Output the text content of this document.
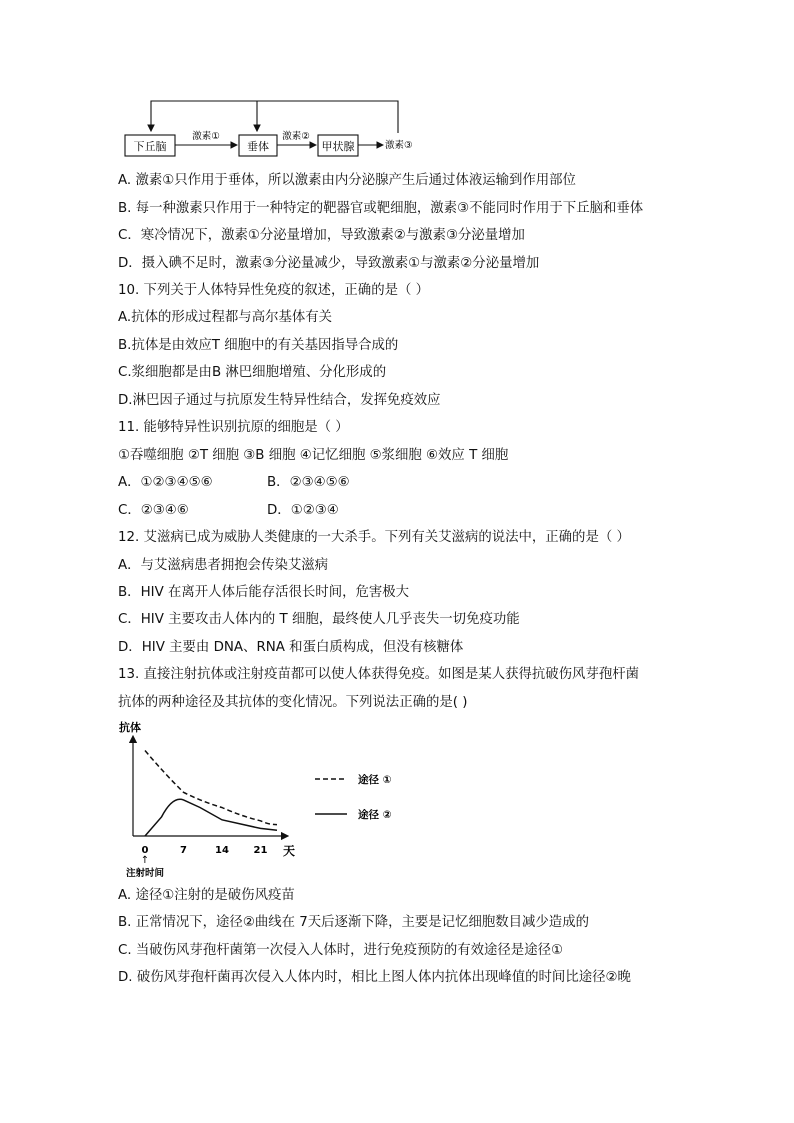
下丘脑	垂体	甲状腺
激素①	激素②
激素③
A. 激素①只作用于垂体，所以激素由内分泌腺产生后通过体液运输到作用部位
B. 每一种激素只作用于一种特定的靶器官或靶细胞，激素③不能同时作用于下丘脑和垂体
C．寒冷情况下，激素①分泌量增加，导致激素②与激素③分泌量增加
D．摄入碘不足时，激素③分泌量减少，导致激素①与激素②分泌量增加
10. 下列关于人体特异性免疫的叙述，正确的是（ ）
A.抗体的形成过程都与高尔基体有关
B.抗体是由效应T 细胞中的有关基因指导合成的
C.浆细胞都是由B 淋巴细胞增殖、分化形成的
D.淋巴因子通过与抗原发生特异性结合，发挥免疫效应
11. 能够特异性识别抗原的细胞是（ ）
①吞噬细胞 ②T 细胞 ③B 细胞 ④记忆细胞 ⑤浆细胞 ⑥效应 T 细胞
A．①②③④⑤⑥	B．②③④⑤⑥
C．②③④⑥	D．①②③④
12. 艾滋病已成为威胁人类健康的一大杀手。下列有关艾滋病的说法中，正确的是（ ）
A．与艾滋病患者拥抱会传染艾滋病
B．HIV 在离开人体后能存活很长时间，危害极大
C．HIV 主要攻击人体内的 T 细胞，最终使人几乎丧失一切免疫功能
D．HIV 主要由 DNA、RNA 和蛋白质构成，但没有核糖体
13. 直接注射抗体或注射疫苗都可以使人体获得免疫。如图是某人获得抗破伤风芽孢杆菌
抗体的两种途径及其抗体的变化情况。下列说法正确的是( )
抗体
天
0	7	14 21
↑
注射时间
途径 ①
途径 ②
A. 途径①注射的是破伤风疫苗
B. 正常情况下，途径②曲线在 7天后逐渐下降，主要是记忆细胞数目减少造成的
C. 当破伤风芽孢杆菌第一次侵入人体时，进行免疫预防的有效途径是途径①
D. 破伤风芽孢杆菌再次侵入人体内时，相比上图人体内抗体出现峰值的时间比途径②晚
